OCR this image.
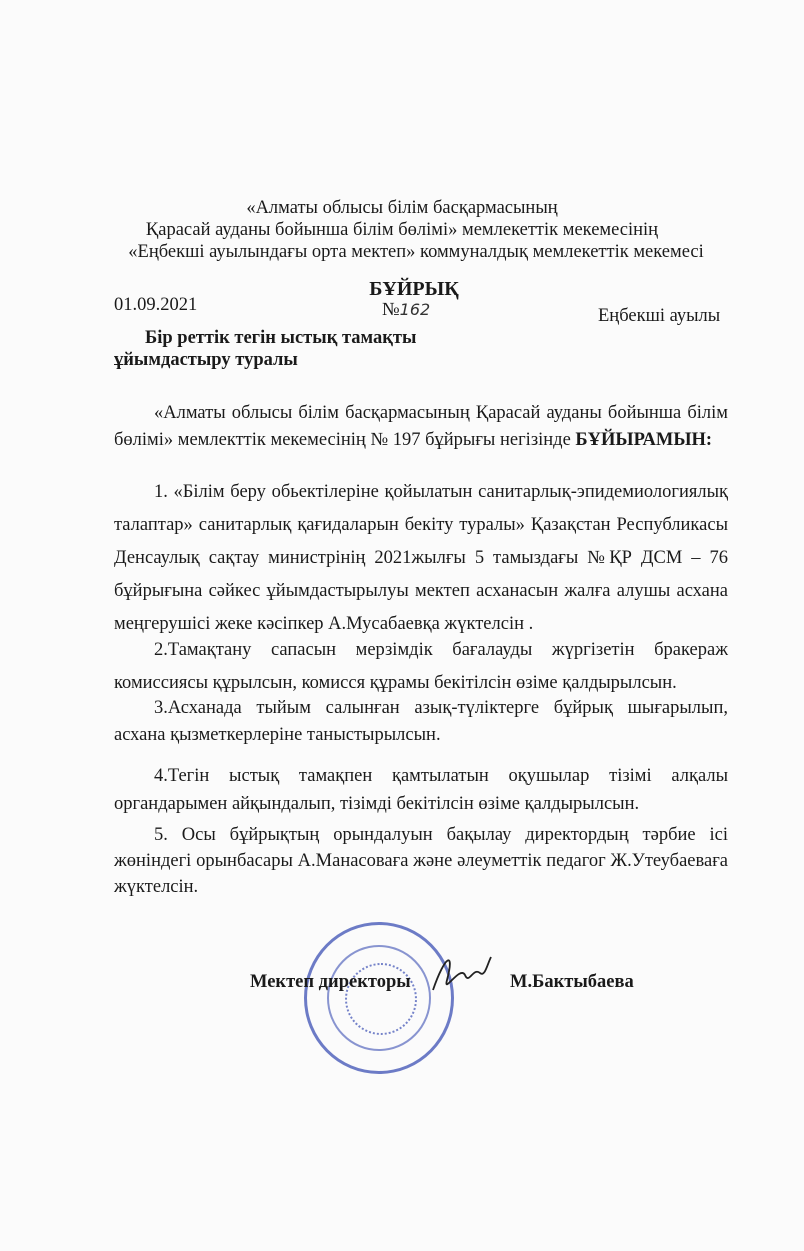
«Алматы облысы білім басқармасының
Қарасай ауданы бойынша білім бөлімі» мемлекеттік мекемесінің
«Еңбекші ауылындағы орта мектеп» коммуналдық мемлекеттік мекемесі
БҰЙРЫҚ
01.09.2021	№162	Еңбекші ауылы
Бір реттік тегін ыстық тамақты
ұйымдастыру туралы

«Алматы облысы білім басқармасының Қарасай ауданы бойынша білім бөлімі» мемлекттік мекемесінің № 197 бұйрығы негізінде БҰЙЫРАМЫН:

1. «Білім беру обьектілеріне қойылатын санитарлық-эпидемиологиялық талаптар» санитарлық қағидаларын бекіту туралы» Қазақстан Республикасы Денсаулық сақтау министрінің 2021жылғы 5 тамыздағы №ҚР ДСМ – 76 бұйрығына сәйкес ұйымдастырылуы мектеп асханасын жалға алушы асхана меңгерушісі жеке кәсіпкер А.Мусабаевқа жүктелсін .

2.Тамақтану сапасын мерзімдік бағалауды жүргізетін бракераж комиссиясы құрылсын, комисся құрамы бекітілсін өзіме қалдырылсын.

3.Асханада тыйым салынған азық-түліктерге бұйрық шығарылып, асхана қызметкерлеріне таныстырылсын.

4.Тегін ыстық тамақпен қамтылатын оқушылар тізімі алқалы органдарымен айқындалып, тізімді бекітілсін өзіме қалдырылсын.

5. Осы бұйрықтың орындалуын бақылау директордың тәрбие ісі жөніндегі орынбасары А.Манасоваға және әлеуметтік педагог Ж.Утеубаеваға жүктелсін.

Мектеп директоры	М.Бактыбаева
